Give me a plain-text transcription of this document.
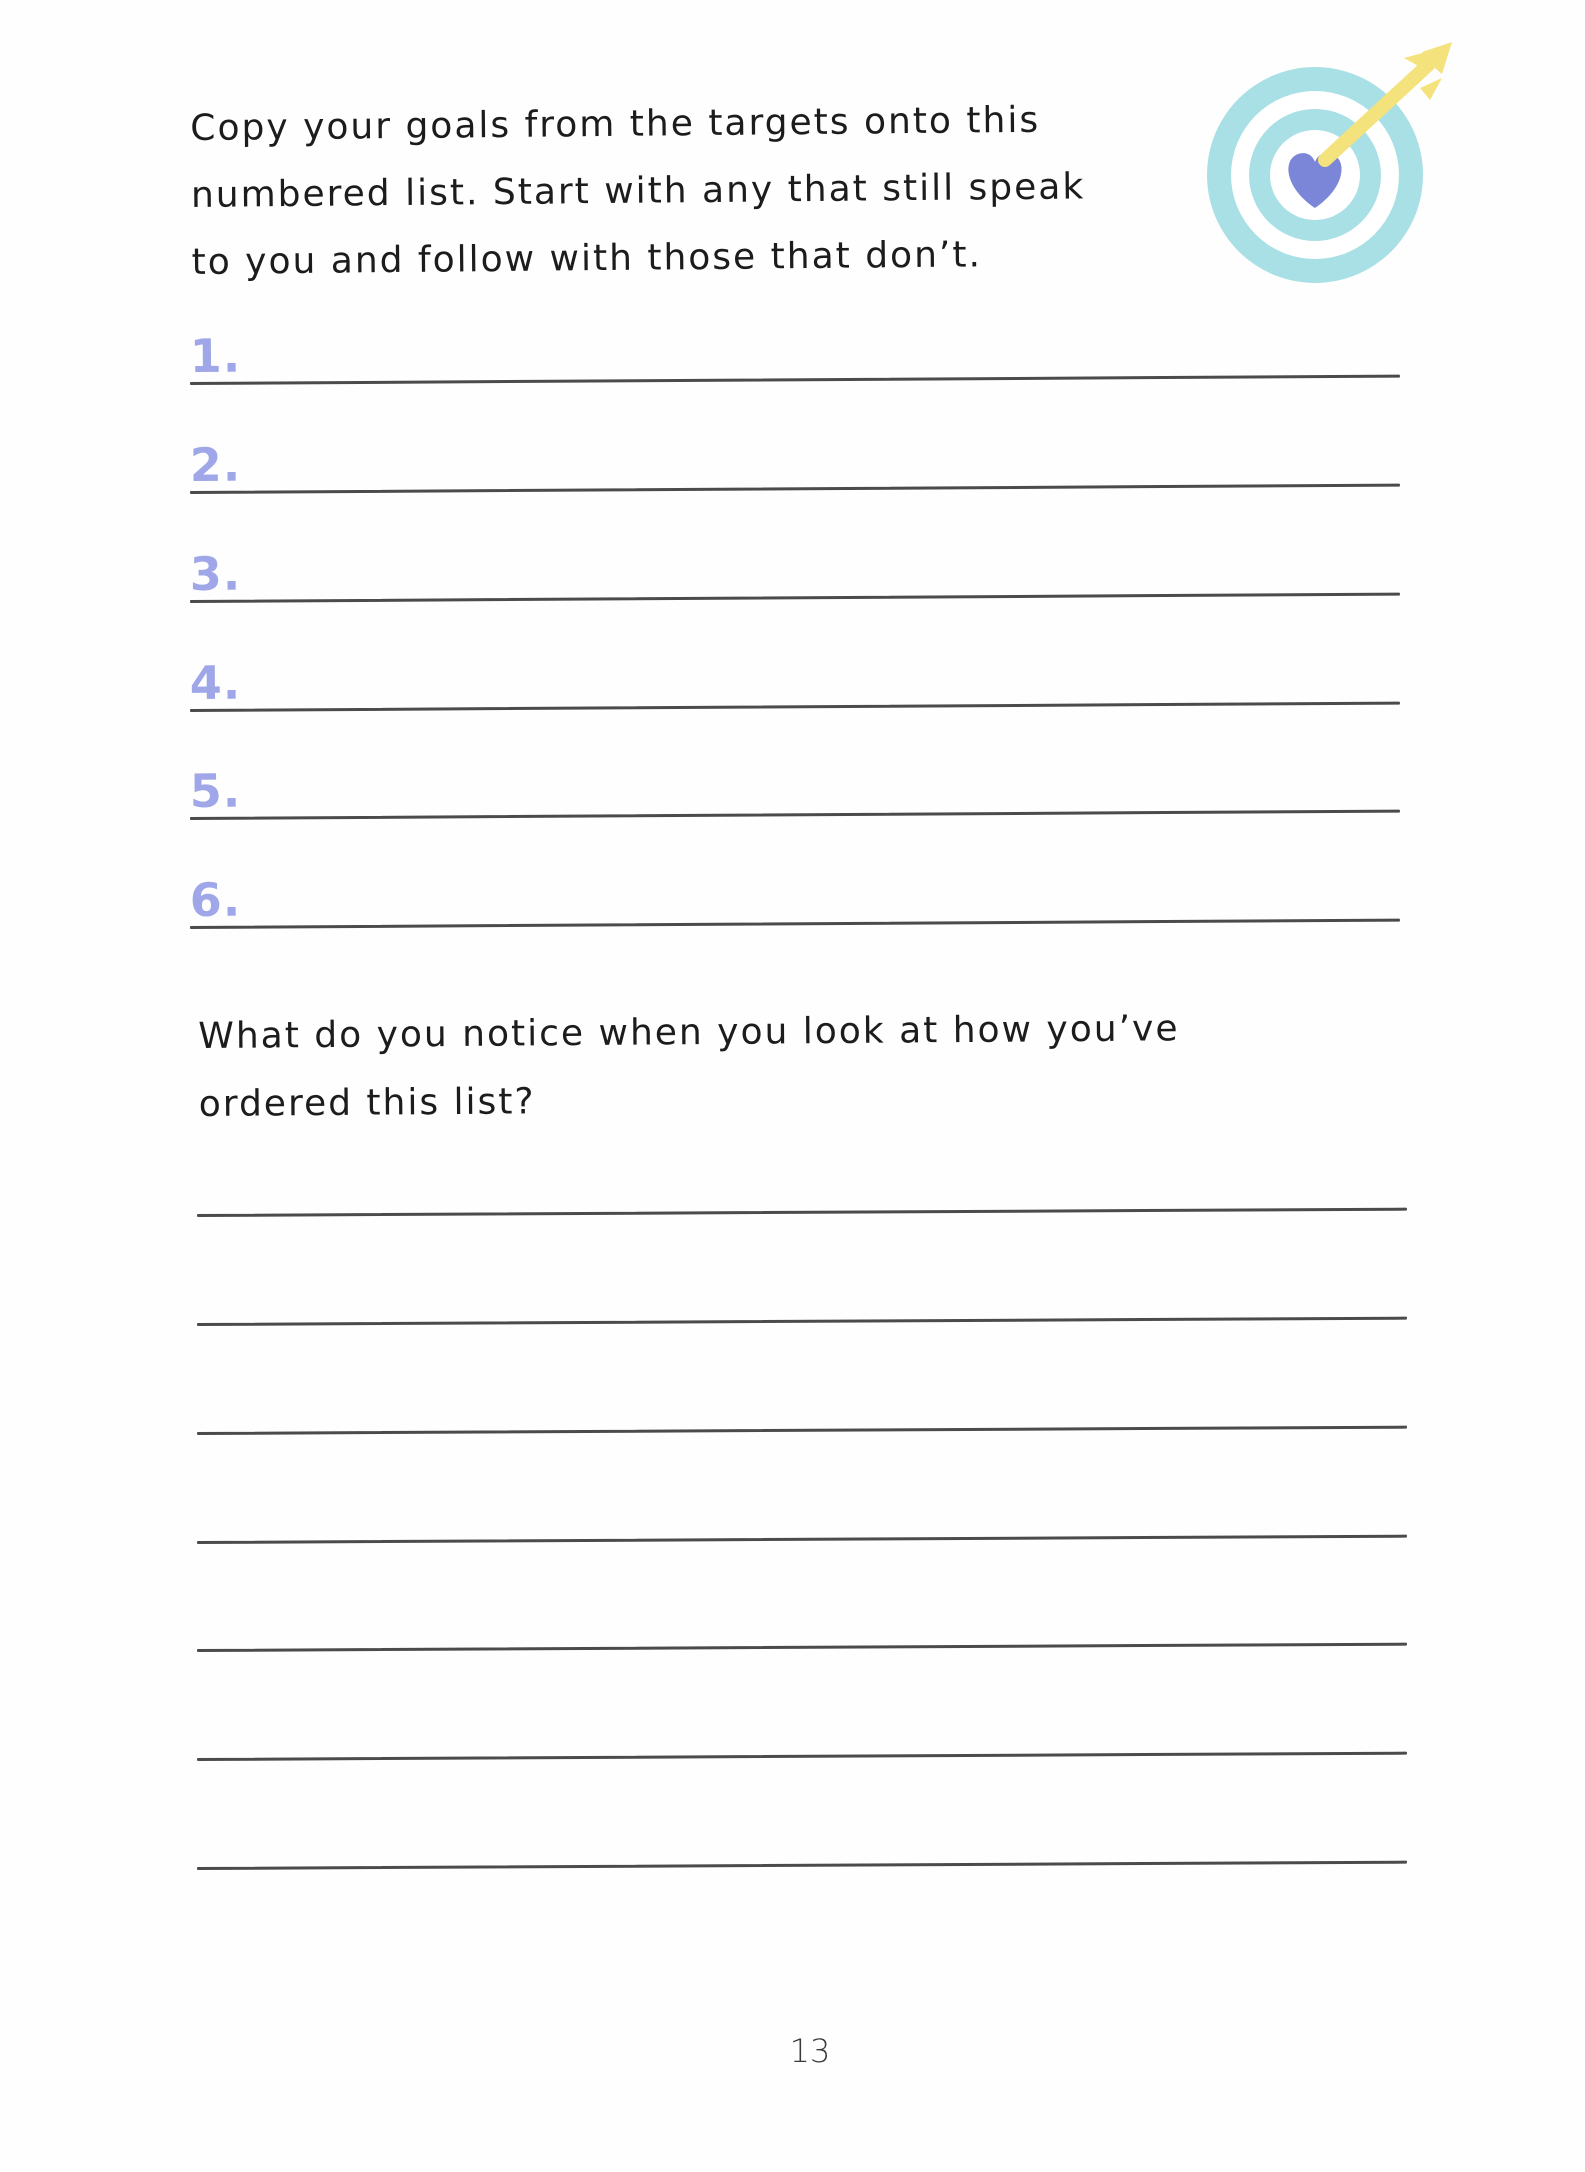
Copy your goals from the targets onto this
numbered list. Start with any that still speak
to you and follow with those that don’t.
1.
2.
3.
4.
5.
6.
What do you notice when you look at how you’ve
ordered this list?
13
